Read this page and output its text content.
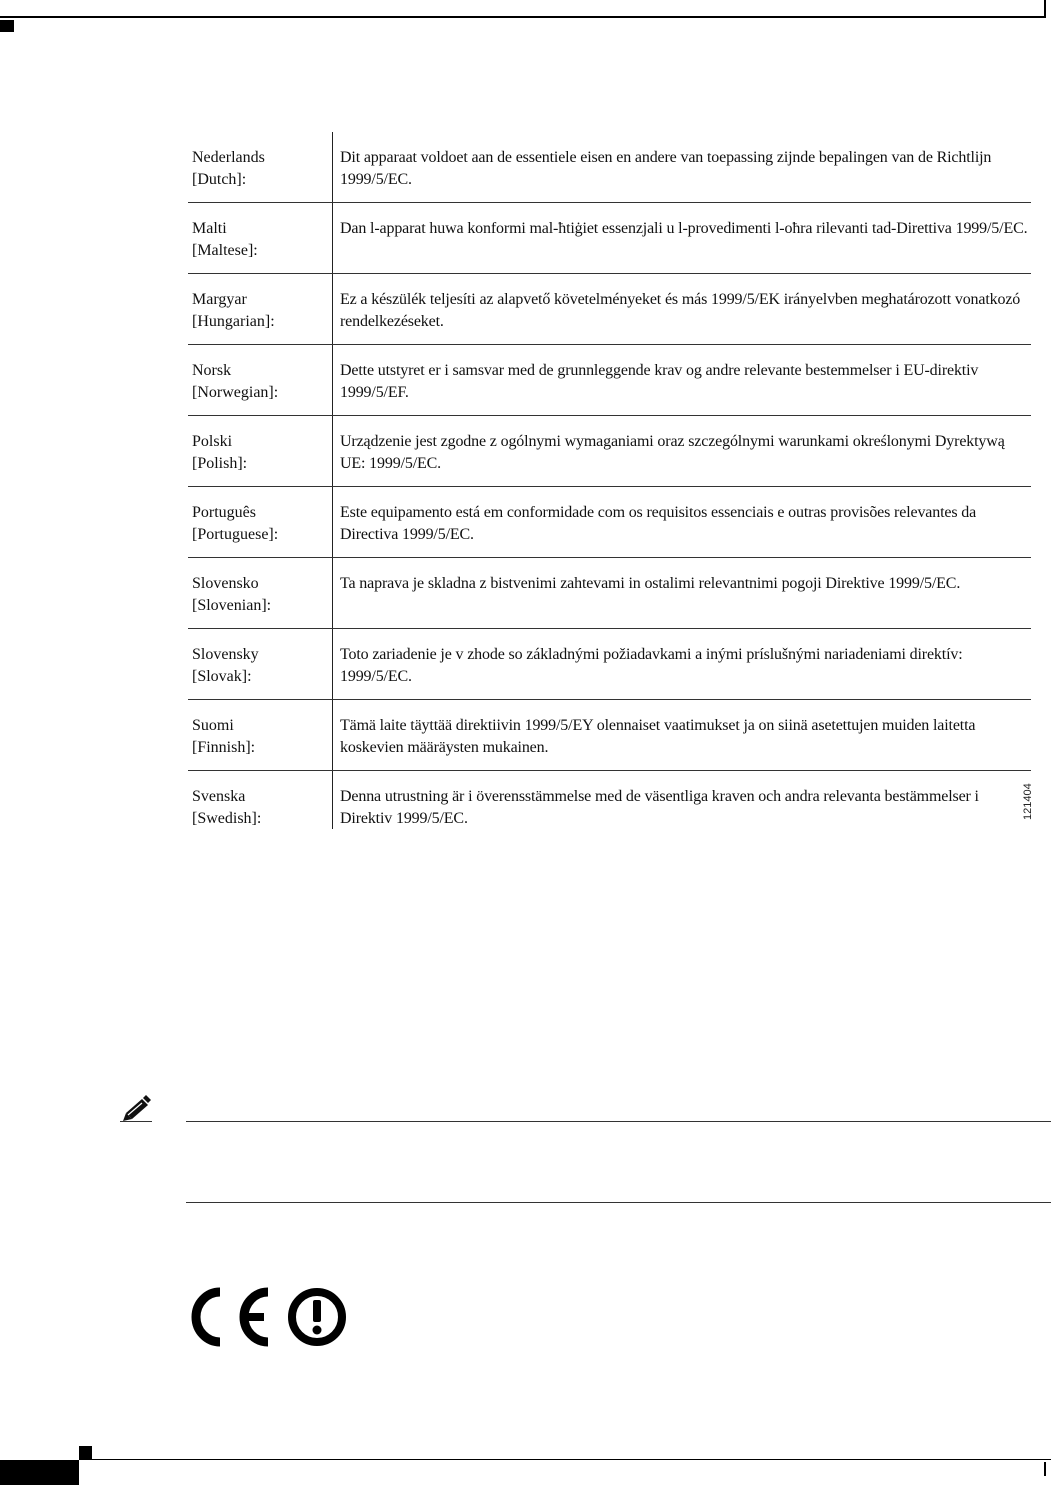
Nederlands
[Dutch]:
Dit apparaat voldoet aan de essentiele eisen en andere van toepassing zijnde bepalingen van de Richtlijn 1999/5/EC.
Malti
[Maltese]:
Dan l-apparat huwa konformi mal-ħtiġiet essenzjali u l-provedimenti l-oħra rilevanti tad-Direttiva 1999/5/EC.
Margyar
[Hungarian]:
Ez a készülék teljesíti az alapvető követelményeket és más 1999/5/EK irányelvben meghatározott vonatkozó rendelkezéseket.
Norsk
[Norwegian]:
Dette utstyret er i samsvar med de grunnleggende krav og andre relevante bestemmelser i EU-direktiv 1999/5/EF.
Polski
[Polish]:
Urządzenie jest zgodne z ogólnymi wymaganiami oraz szczególnymi warunkami określonymi Dyrektywą UE: 1999/5/EC.
Português
[Portuguese]:
Este equipamento está em conformidade com os requisitos essenciais e outras provisões relevantes da Directiva 1999/5/EC.
Slovensko
[Slovenian]:
Ta naprava je skladna z bistvenimi zahtevami in ostalimi relevantnimi pogoji Direktive 1999/5/EC.
Slovensky
[Slovak]:
Toto zariadenie je v zhode so základnými požiadavkami a inými príslušnými nariadeniami direktív: 1999/5/EC.
Suomi
[Finnish]:
Tämä laite täyttää direktiivin 1999/5/EY olennaiset vaatimukset ja on siinä asetettujen muiden laitetta koskevien määräysten mukainen.
Svenska
[Swedish]:
Denna utrustning är i överensstämmelse med de väsentliga kraven och andra relevanta bestämmelser i Direktiv 1999/5/EC.	121404
